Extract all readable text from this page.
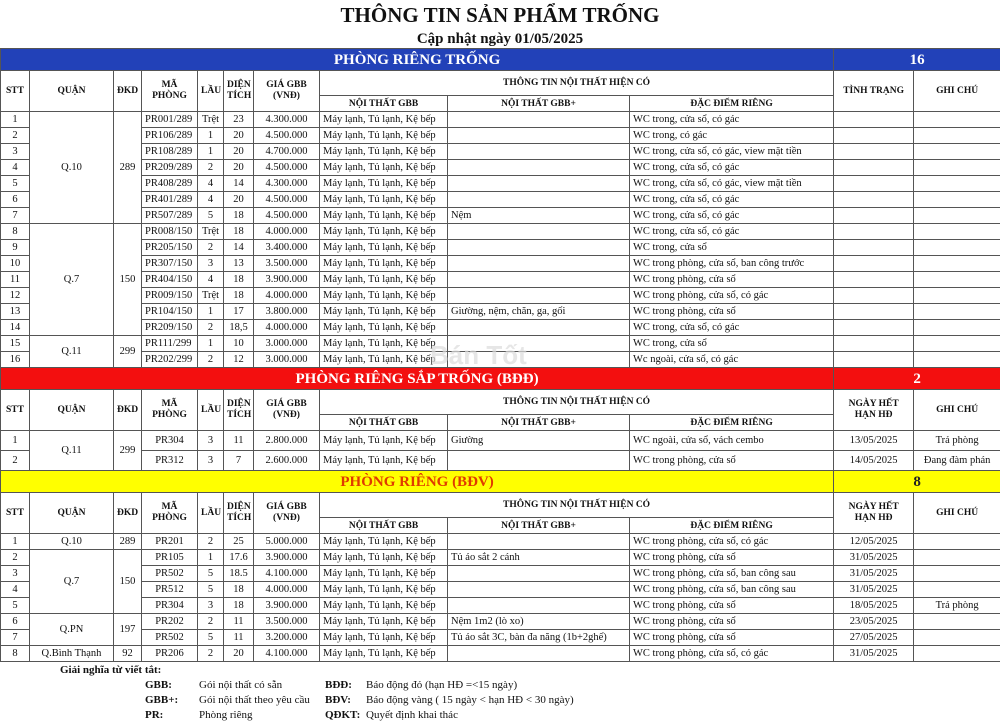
THÔNG TIN SẢN PHẨM TRỐNG
Cập nhật ngày 01/05/2025
PHÒNG RIÊNG TRỐNG										16	
STT	QUẬN	ĐKD	MÃ PHÒNG	LẦU	DIỆN TÍCH	GIÁ GBB (VNĐ)	THÔNG TIN NỘI THẤT HIỆN CÓ			TÌNH TRẠNG	GHI CHÚ
							NỘI THẤT GBB	NỘI THẤT GBB+	ĐẶC ĐIỂM RIÊNG		
1	Q.10	289	PR001/289	Trệt	23	4.300.000	Máy lạnh, Tủ lạnh, Kệ bếp		WC trong, cửa sổ, có gác		
2			PR106/289	1	20	4.500.000	Máy lạnh, Tủ lạnh, Kệ bếp		WC trong, có gác		
3			PR108/289	1	20	4.700.000	Máy lạnh, Tủ lạnh, Kệ bếp		WC trong, cửa sổ, có gác, view mặt tiền		
4			PR209/289	2	20	4.500.000	Máy lạnh, Tủ lạnh, Kệ bếp		WC trong, cửa sổ, có gác		
5			PR408/289	4	14	4.300.000	Máy lạnh, Tủ lạnh, Kệ bếp		WC trong, cửa sổ, có gác, view mặt tiền		
6			PR401/289	4	20	4.500.000	Máy lạnh, Tủ lạnh, Kệ bếp		WC trong, cửa sổ, có gác		
7			PR507/289	5	18	4.500.000	Máy lạnh, Tủ lạnh, Kệ bếp	Nệm	WC trong, cửa sổ, có gác		
8	Q.7	150	PR008/150	Trệt	18	4.000.000	Máy lạnh, Tủ lạnh, Kệ bếp		WC trong, cửa sổ, có gác		
9			PR205/150	2	14	3.400.000	Máy lạnh, Tủ lạnh, Kệ bếp		WC trong, cửa sổ		
10			PR307/150	3	13	3.500.000	Máy lạnh, Tủ lạnh, Kệ bếp		WC trong phòng, cửa sổ, ban công trước		
11			PR404/150	4	18	3.900.000	Máy lạnh, Tủ lạnh, Kệ bếp		WC trong phòng, cửa sổ		
12			PR009/150	Trệt	18	4.000.000	Máy lạnh, Tủ lạnh, Kệ bếp		WC trong phòng, cửa sổ, có gác		
13			PR104/150	1	17	3.800.000	Máy lạnh, Tủ lạnh, Kệ bếp	Giường, nệm, chăn, ga, gối	WC trong phòng, cửa sổ		
14			PR209/150	2	18,5	4.000.000	Máy lạnh, Tủ lạnh, Kệ bếp		WC trong, cửa sổ, có gác		
15	Q.11	299	PR111/299	1	10	3.000.000	Máy lạnh, Tủ lạnh, Kệ bếp		WC trong, cửa sổ		
16			PR202/299	2	12	3.000.000	Máy lạnh, Tủ lạnh, Kệ bếp		Wc ngoài, cửa sổ, có gác		
PHÒNG RIÊNG SẮP TRỐNG (BĐĐ)										2	
STT	QUẬN	ĐKD	MÃ PHÒNG	LẦU	DIỆN TÍCH	GIÁ GBB (VNĐ)	THÔNG TIN NỘI THẤT HIỆN CÓ			NGÀY HẾT HẠN HĐ	GHI CHÚ
							NỘI THẤT GBB	NỘI THẤT GBB+	ĐẶC ĐIỂM RIÊNG		
1	Q.11	299	PR304	3	11	2.800.000	Máy lạnh, Tủ lạnh, Kệ bếp	Giường	WC ngoài, cửa sổ, vách cembo	13/05/2025	Trả phòng
2			PR312	3	7	2.600.000	Máy lạnh, Tủ lạnh, Kệ bếp		WC trong phòng, cửa sổ	14/05/2025	Đang đàm phán
PHÒNG RIÊNG (BĐV)										8	
STT	QUẬN	ĐKD	MÃ PHÒNG	LẦU	DIỆN TÍCH	GIÁ GBB (VNĐ)	THÔNG TIN NỘI THẤT HIỆN CÓ			NGÀY HẾT HẠN HĐ	GHI CHÚ
							NỘI THẤT GBB	NỘI THẤT GBB+	ĐẶC ĐIỂM RIÊNG		
1	Q.10	289	PR201	2	25	5.000.000	Máy lạnh, Tủ lạnh, Kệ bếp		WC trong phòng, cửa sổ, có gác	12/05/2025	
2	Q.7	150	PR105	1	17.6	3.900.000	Máy lạnh, Tủ lạnh, Kệ bếp	Tủ áo sắt 2 cánh	WC trong phòng, cửa sổ	31/05/2025	
3			PR502	5	18.5	4.100.000	Máy lạnh, Tủ lạnh, Kệ bếp		WC trong phòng, cửa sổ, ban công sau	31/05/2025	
4			PR512	5	18	4.000.000	Máy lạnh, Tủ lạnh, Kệ bếp		WC trong phòng, cửa sổ, ban công sau	31/05/2025	
5			PR304	3	18	3.900.000	Máy lạnh, Tủ lạnh, Kệ bếp		WC trong phòng, cửa sổ	18/05/2025	Trả phòng
6	Q.PN	197	PR202	2	11	3.500.000	Máy lạnh, Tủ lạnh, Kệ bếp	Nệm 1m2 (lò xo)	WC trong phòng, cửa sổ	23/05/2025	
7			PR502	5	11	3.200.000	Máy lạnh, Tủ lạnh, Kệ bếp	Tủ áo sắt 3C, bàn đa năng (1b+2ghế)	WC trong phòng, cửa sổ	27/05/2025	
8	Q.Bình Thạnh	92	PR206	2	20	4.100.000	Máy lạnh, Tủ lạnh, Kệ bếp		WC trong phòng, cửa sổ, có gác	31/05/2025	
Giải nghĩa từ viết tắt:
GBB: Gói nội thất có sẵn
GBB+: Gói nội thất theo yêu cầu
PR:	Phòng riêng
BĐĐ: Báo động đỏ (hạn HĐ =<15 ngày)
BĐV: Báo động vàng ( 15 ngày < hạn HĐ < 30 ngày)
QĐKT: Quyết định khai thác
Bán Tốt
